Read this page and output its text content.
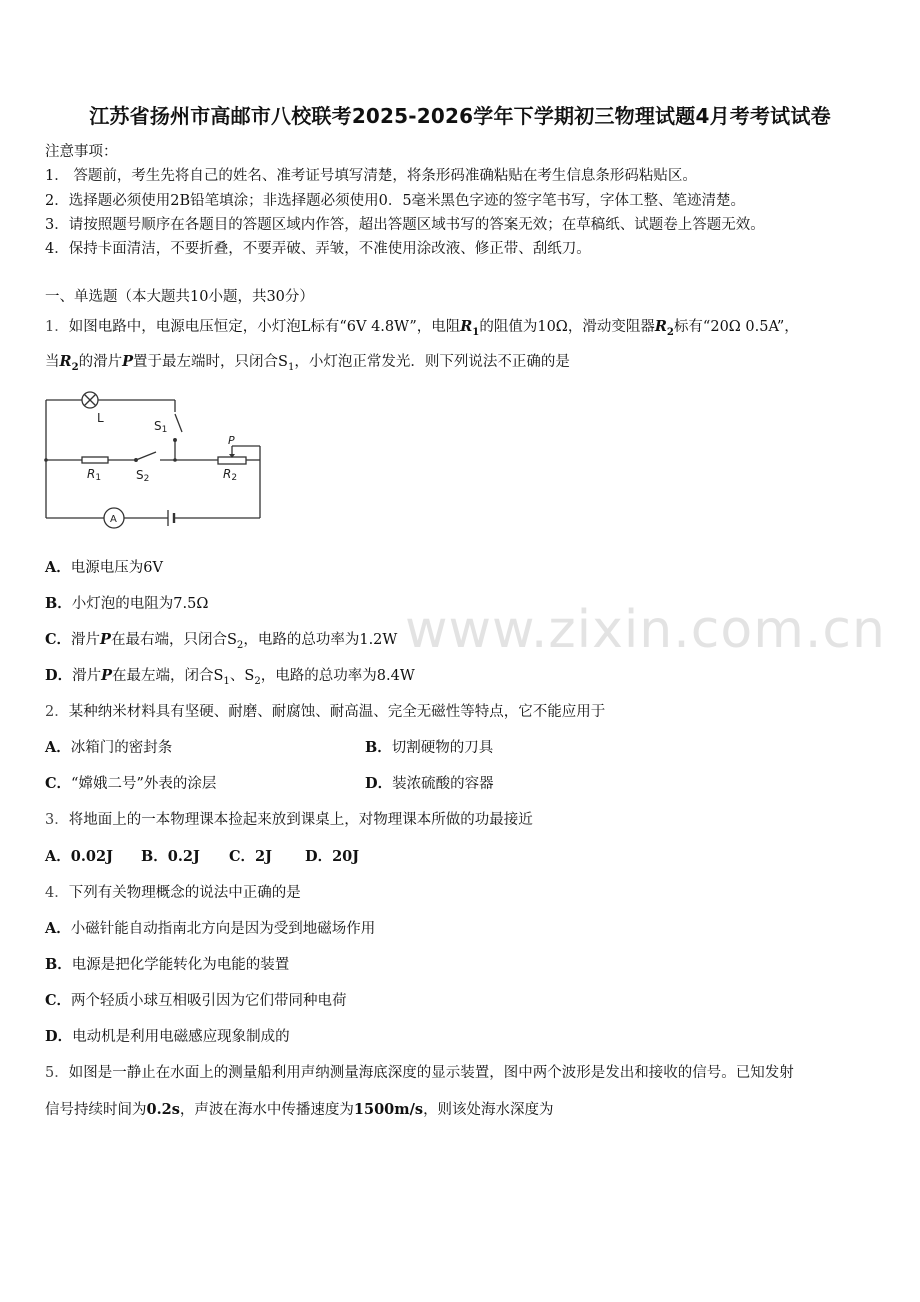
www.zixin.com.cn
江苏省扬州市高邮市八校联考2025-2026学年下学期初三物理试题4月考考试试卷
注意事项：
1． 答题前，考生先将自己的姓名、准考证号填写清楚，将条形码准确粘贴在考生信息条形码粘贴区。
2．选择题必须使用2B铅笔填涂；非选择题必须使用0．5毫米黑色字迹的签字笔书写，字体工整、笔迹清楚。
3．请按照题号顺序在各题目的答题区域内作答，超出答题区域书写的答案无效；在草稿纸、试题卷上答题无效。
4．保持卡面清洁，不要折叠，不要弄破、弄皱，不准使用涂改液、修正带、刮纸刀。
一、单选题（本大题共10小题，共30分）
1．如图电路中，电源电压恒定，小灯泡L标有“6V 4.8W”，电阻$R_1$的阻值为10Ω，滑动变阻器$R_2$标有“20Ω 0.5A”，
当$R_2$的滑片P置于最左端时，只闭合$S_1$，小灯泡正常发光．则下列说法不正确的是
L
S1
R1	S2
P
R2
A
A．电源电压为6V
B．小灯泡的电阻为7.5Ω
C．滑片P在最右端，只闭合$S_2$，电路的总功率为1.2W
D．滑片P在最左端，闭合$S_1$、$S_2$，电路的总功率为8.4W
2．某种纳米材料具有坚硬、耐磨、耐腐蚀、耐高温、完全无磁性等特点，它不能应用于
A．冰箱门的密封条	B．切割硬物的刀具
C．“嫦娥二号”外表的涂层	D．装浓硫酸的容器
3．将地面上的一本物理课本捡起来放到课桌上，对物理课本所做的功最接近
A．0.02J B．0.2J C．2J D．20J
4．下列有关物理概念的说法中正确的是
A．小磁针能自动指南北方向是因为受到地磁场作用
B．电源是把化学能转化为电能的装置
C．两个轻质小球互相吸引因为它们带同种电荷
D．电动机是利用电磁感应现象制成的
5．如图是一静止在水面上的测量船利用声纳测量海底深度的显示装置，图中两个波形是发出和接收的信号。已知发射
信号持续时间为0.2s，声波在海水中传播速度为1500m/s，则该处海水深度为
